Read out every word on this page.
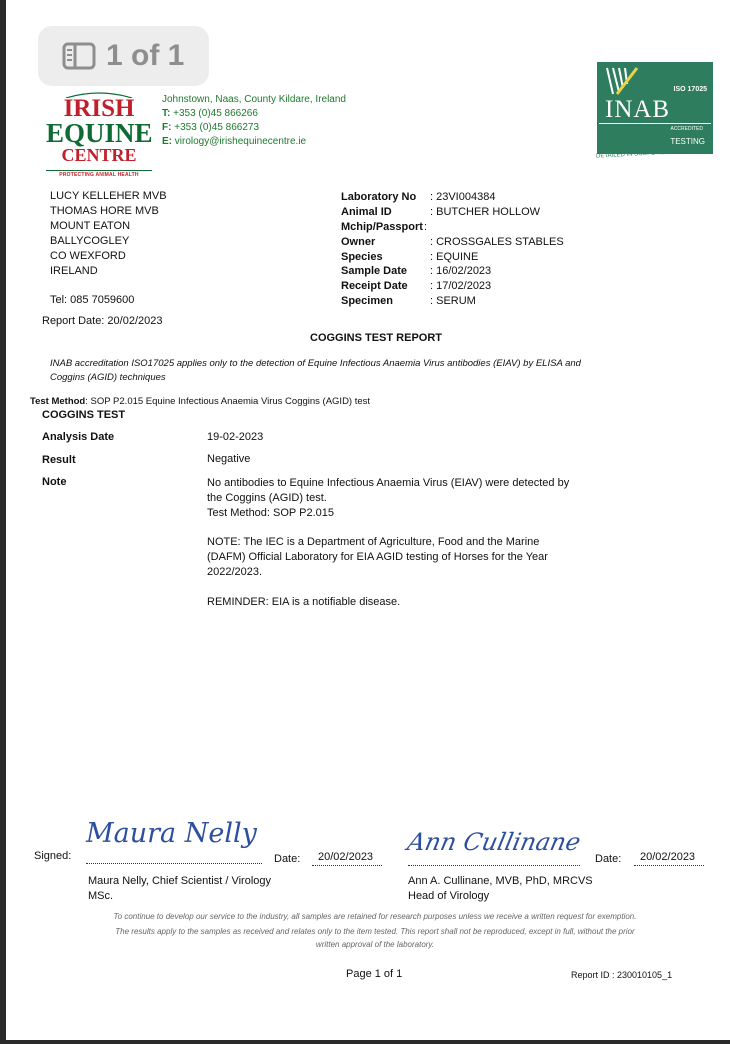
IRISH
EQUINE
CENTRE
PROTECTING ANIMAL HEALTH
1 of 1
Johnstown, Naas, County Kildare, Ireland
T: +353 (0)45 866266
F: +353 (0)45 866273
E: virology@irishequinecentre.ie
ISO 17025
INAB
ACCREDITED
TESTING
DETAILED IN SCOPE REG NO.151T
LUCY KELLEHER MVB
THOMAS HORE MVB
MOUNT EATON
BALLYCOGLEY
CO WEXFORD
IRELAND
Tel: 085 7059600
Report Date: 20/02/2023
Laboratory No : 23VI004384
Animal ID	: BUTCHER HOLLOW
Mchip/Passport :
Owner	: CROSSGALES STABLES
Species	: EQUINE
Sample Date : 16/02/2023
Receipt Date : 17/02/2023
Specimen	: SERUM
COGGINS TEST REPORT
INAB accreditation ISO17025 applies only to the detection of Equine Infectious Anaemia Virus antibodies (EIAV) by ELISA and
Coggins (AGID) techniques
Test Method: SOP P2.015 Equine Infectious Anaemia Virus Coggins (AGID) test
COGGINS TEST
Analysis Date	19-02-2023
Result	Negative
Note	No antibodies to Equine Infectious Anaemia Virus (EIAV) were detected by
the Coggins (AGID) test.
Test Method: SOP P2.015
NOTE: The IEC is a Department of Agriculture, Food and the Marine
(DAFM) Official Laboratory for EIA AGID testing of Horses for the Year
2022/2023.
REMINDER: EIA is a notifiable disease.
Signed:
Maura Nelly
Date: 20/02/2023
Ann Cullinane
Date: 20/02/2023
Maura Nelly, Chief Scientist / Virology
MSc.
Ann A. Cullinane, MVB, PhD, MRCVS
Head of Virology
To continue to develop our service to the industry, all samples are retained for research purposes unless we receive a written request for exemption.
The results apply to the samples as received and relates only to the item tested. This report shall not be reproduced, except in full, without the prior
written approval of the laboratory.
Page 1 of 1	Report ID : 230010105_1
